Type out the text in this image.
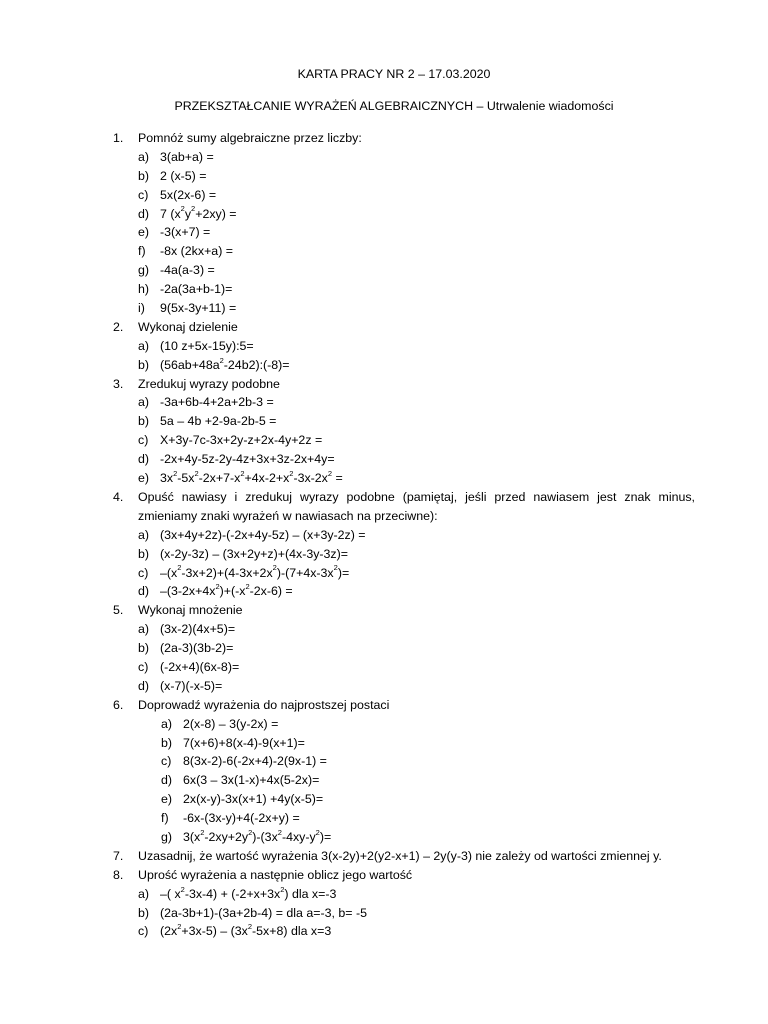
KARTA PRACY NR 2 – 17.03.2020
PRZEKSZTAŁCANIE WYRAŻEŃ ALGEBRAICZNYCH – Utrwalenie wiadomości
1.	Pomnóż sumy algebraiczne przez liczby:
a) 3(ab+a) =
b) 2 (x-5) =
c) 5x(2x-6) =
d) 7 $(x^2y^2+2xy)$ =
e) -3(x+7) =
f)	-8x (2kx+a) =
g) -4a(a-3) =
h) -2a(3a+b-1)=
i)	9(5x-3y+11) =
2.	Wykonaj dzielenie
a) (10 z+5x-15y):5=
b) $(56ab+48a^2-24b2):(-8)=$
3.	Zredukuj wyrazy podobne
a) -3a+6b-4+2a+2b-3 =
b) 5a – 4b +2-9a-2b-5 =
c) X+3y-7c-3x+2y-z+2x-4y+2z =
d) -2x+4y-5z-2y-4z+3x+3z-2x+4y=
e) $3x^2-5x^2-2x+7-x^2+4x-2+x^2-3x-2x^2$ =
4.	Opuść nawiasy i zredukuj wyrazy podobne (pamiętaj, jeśli przed nawiasem jest znak minus, zmieniamy znaki wyrażeń w nawiasach na przeciwne):
a) (3x+4y+2z)-(-2x+4y-5z) – (x+3y-2z) =
b) (x-2y-3z) – (3x+2y+z)+(4x-3y-3z)=
c) $-(x^2-3x+2)+(4-3x+2x^2)-(7+4x-3x^2)=$
d) $-(3-2x+4x^2)+(-x^2-2x-6)$ =
5.	Wykonaj mnożenie
a) (3x-2)(4x+5)=
b) (2a-3)(3b-2)=
c) (-2x+4)(6x-8)=
d) (x-7)(-x-5)=
6.	Doprowadź wyrażenia do najprostszej postaci
a) 2(x-8) – 3(y-2x) =
b) 7(x+6)+8(x-4)-9(x+1)=
c) 8(3x-2)-6(-2x+4)-2(9x-1) =
d) 6x(3 – 3x(1-x)+4x(5-2x)=
e) 2x(x-y)-3x(x+1) +4y(x-5)=
f)	-6x-(3x-y)+4(-2x+y) =
g) $3(x^2-2xy+2y^2)-(3x^2-4xy-y^2)=$
7.	Uzasadnij, że wartość wyrażenia 3(x-2y)+2(y2-x+1) – 2y(y-3) nie zależy od wartości zmiennej y.
8.	Uprość wyrażenia a następnie oblicz jego wartość
a) –( $x^2-3x-4) + (-2+x+3x^2)$ dla x=-3
b) (2a-3b+1)-(3a+2b-4) = dla a=-3, b= -5
c) $(2x^2+3x-5) - (3x^2-5x+8)$ dla x=3
